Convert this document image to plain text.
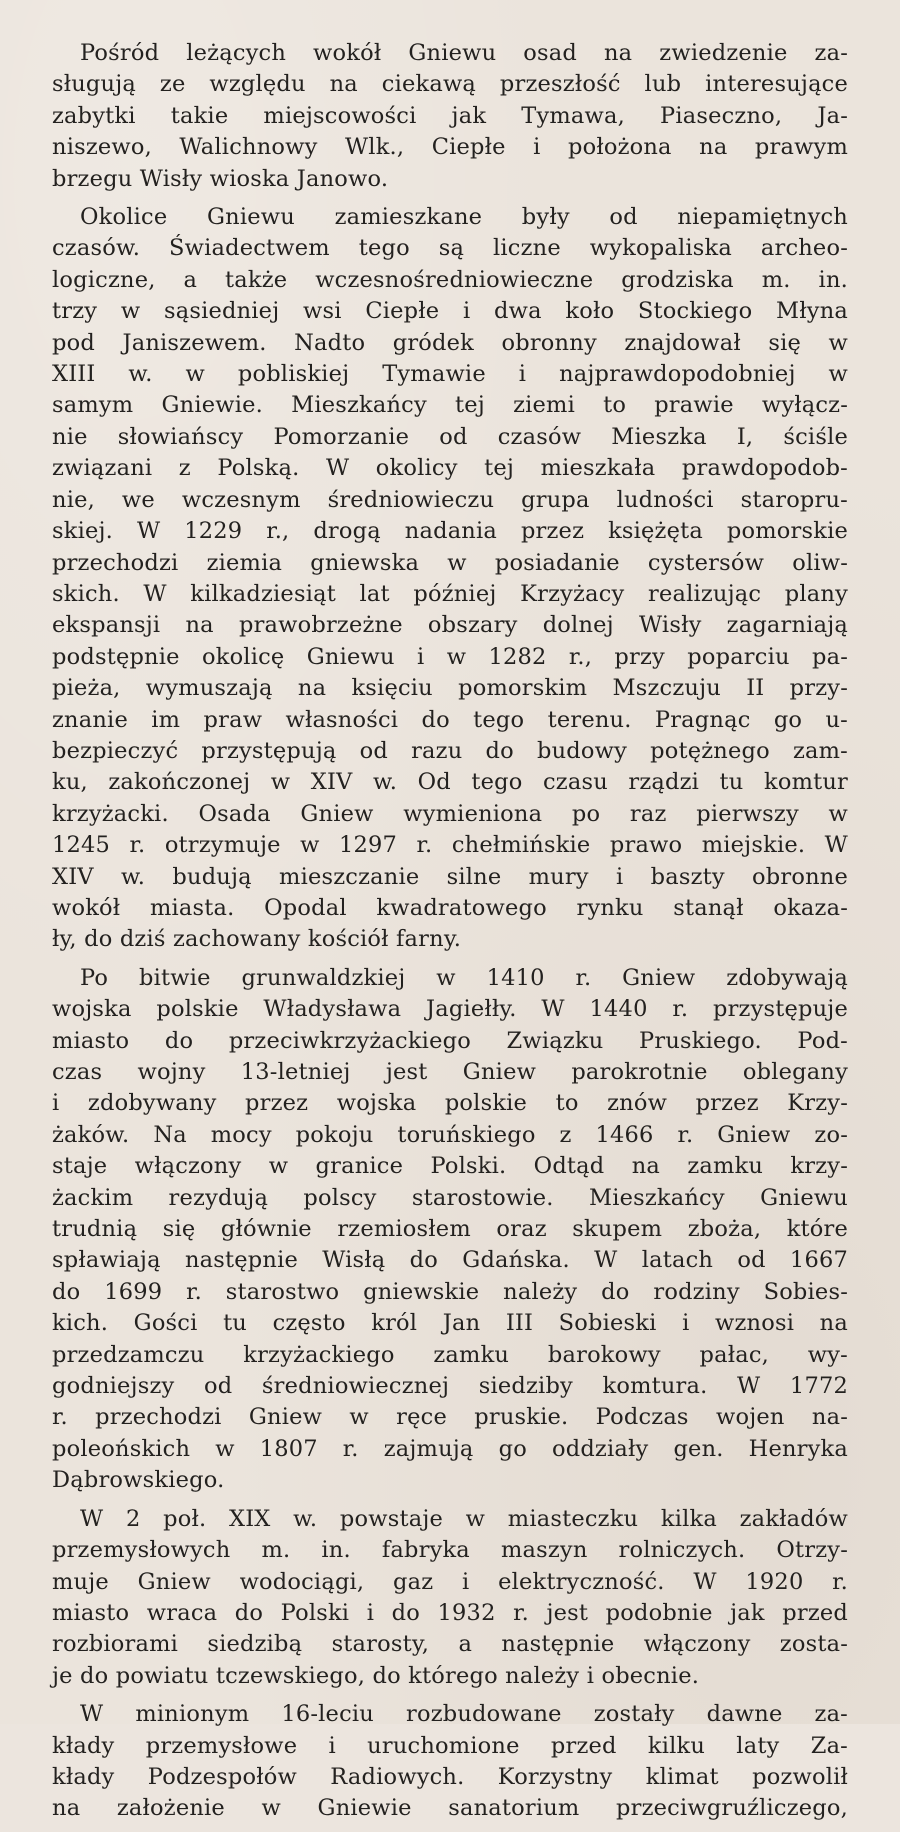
Pośród leżących wokół Gniewu osad na zwiedzenie za-
sługują ze względu na ciekawą przeszłość lub interesujące
zabytki takie miejscowości jak Tymawa, Piaseczno, Ja-
niszewo, Walichnowy Wlk., Ciepłe i położona na prawym
brzegu Wisły wioska Janowo.
Okolice Gniewu zamieszkane były od niepamiętnych
czasów. Świadectwem tego są liczne wykopaliska archeo-
logiczne, a także wczesnośredniowieczne grodziska m. in.
trzy w sąsiedniej wsi Ciepłe i dwa koło Stockiego Młyna
pod Janiszewem. Nadto gródek obronny znajdował się w
XIII w. w pobliskiej Tymawie i najprawdopodobniej w
samym Gniewie. Mieszkańcy tej ziemi to prawie wyłącz-
nie słowiańscy Pomorzanie od czasów Mieszka I, ściśle
związani z Polską. W okolicy tej mieszkała prawdopodob-
nie, we wczesnym średniowieczu grupa ludności staropru-
skiej. W 1229 r., drogą nadania przez księżęta pomorskie
przechodzi ziemia gniewska w posiadanie cystersów oliw-
skich. W kilkadziesiąt lat później Krzyżacy realizując plany
ekspansji na prawobrzeżne obszary dolnej Wisły zagarniają
podstępnie okolicę Gniewu i w 1282 r., przy poparciu pa-
pieża, wymuszają na księciu pomorskim Mszczuju II przy-
znanie im praw własności do tego terenu. Pragnąc go u-
bezpieczyć przystępują od razu do budowy potężnego zam-
ku, zakończonej w XIV w. Od tego czasu rządzi tu komtur
krzyżacki. Osada Gniew wymieniona po raz pierwszy w
1245 r. otrzymuje w 1297 r. chełmińskie prawo miejskie. W
XIV w. budują mieszczanie silne mury i baszty obronne
wokół miasta. Opodal kwadratowego rynku stanął okaza-
ły, do dziś zachowany kościół farny.
Po bitwie grunwaldzkiej w 1410 r. Gniew zdobywają
wojska polskie Władysława Jagiełły. W 1440 r. przystępuje
miasto do przeciwkrzyżackiego Związku Pruskiego. Pod-
czas wojny 13-letniej jest Gniew parokrotnie oblegany
i zdobywany przez wojska polskie to znów przez Krzy-
żaków. Na mocy pokoju toruńskiego z 1466 r. Gniew zo-
staje włączony w granice Polski. Odtąd na zamku krzy-
żackim rezydują polscy starostowie. Mieszkańcy Gniewu
trudnią się głównie rzemiosłem oraz skupem zboża, które
spławiają następnie Wisłą do Gdańska. W latach od 1667
do 1699 r. starostwo gniewskie należy do rodziny Sobies-
kich. Gości tu często król Jan III Sobieski i wznosi na
przedzamczu krzyżackiego zamku barokowy pałac, wy-
godniejszy od średniowiecznej siedziby komtura. W 1772
r. przechodzi Gniew w ręce pruskie. Podczas wojen na-
poleońskich w 1807 r. zajmują go oddziały gen. Henryka
Dąbrowskiego.
W 2 poł. XIX w. powstaje w miasteczku kilka zakładów
przemysłowych m. in. fabryka maszyn rolniczych. Otrzy-
muje Gniew wodociągi, gaz i elektryczność. W 1920 r.
miasto wraca do Polski i do 1932 r. jest podobnie jak przed
rozbiorami siedzibą starosty, a następnie włączony zosta-
je do powiatu tczewskiego, do którego należy i obecnie.
W minionym 16-leciu rozbudowane zostały dawne za-
kłady przemysłowe i uruchomione przed kilku laty Za-
kłady Podzespołów Radiowych. Korzystny klimat pozwolił
na założenie w Gniewie sanatorium przeciwgruźliczego,
